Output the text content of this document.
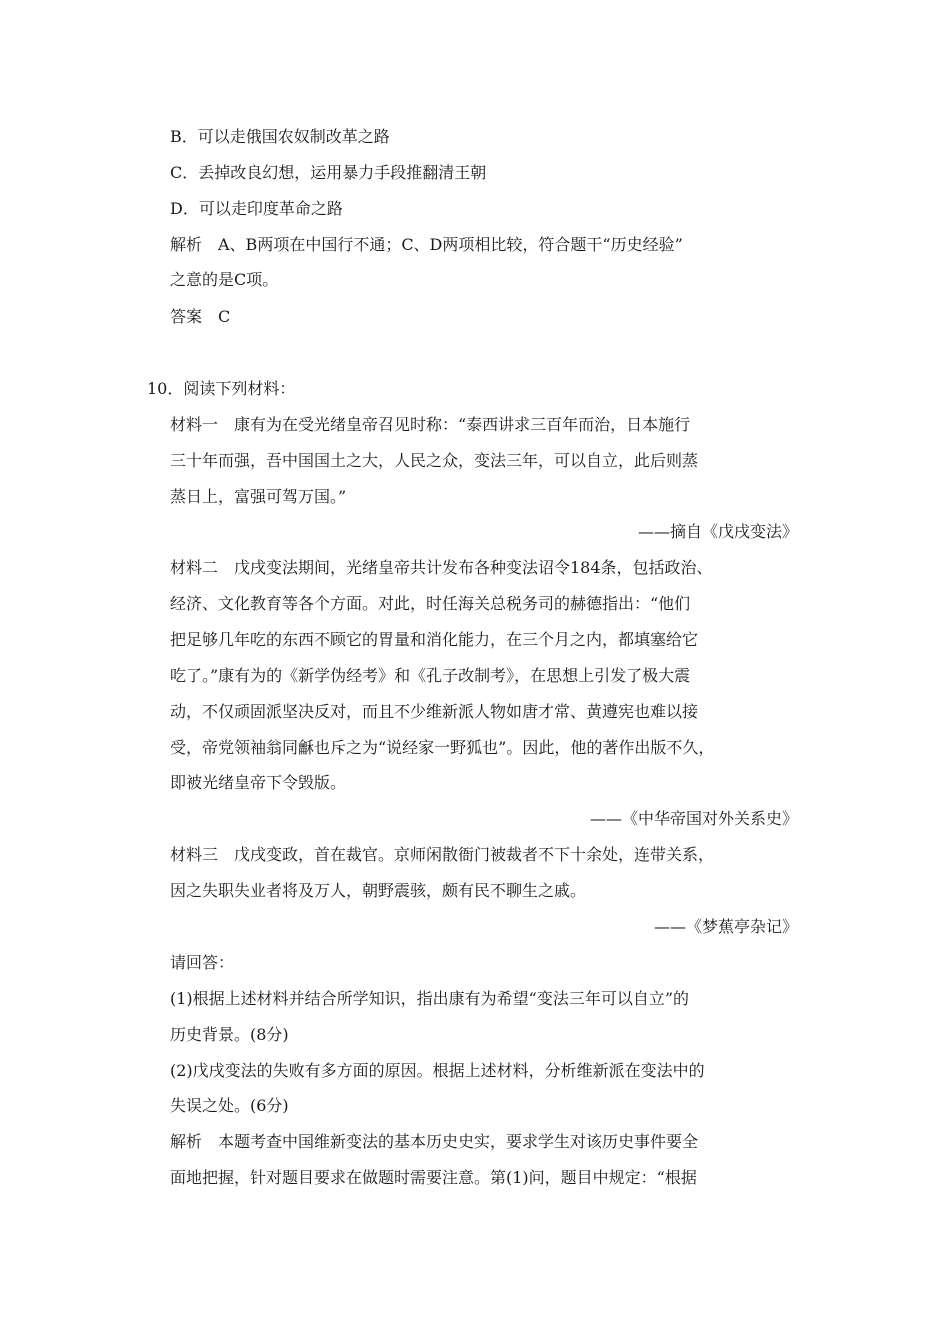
B．可以走俄国农奴制改革之路
C．丢掉改良幻想，运用暴力手段推翻清王朝
D．可以走印度革命之路
解析　A、B两项在中国行不通；C、D两项相比较，符合题干“历史经验”
之意的是C项。
答案　C
10．阅读下列材料：
材料一　康有为在受光绪皇帝召见时称：“泰西讲求三百年而治，日本施行
三十年而强，吾中国国土之大，人民之众，变法三年，可以自立，此后则蒸
蒸日上，富强可驾万国。”
——摘自《戊戌变法》
材料二　戊戌变法期间，光绪皇帝共计发布各种变法诏令184条，包括政治、
经济、文化教育等各个方面。对此，时任海关总税务司的赫德指出：“他们
把足够几年吃的东西不顾它的胃量和消化能力，在三个月之内，都填塞给它
吃了。”康有为的《新学伪经考》和《孔子改制考》，在思想上引发了极大震
动，不仅顽固派坚决反对，而且不少维新派人物如唐才常、黄遵宪也难以接
受，帝党领袖翁同龢也斥之为“说经家一野狐也”。因此，他的著作出版不久，
即被光绪皇帝下令毁版。
——《中华帝国对外关系史》
材料三　戊戌变政，首在裁官。京师闲散衙门被裁者不下十余处，连带关系，
因之失职失业者将及万人，朝野震骇，颇有民不聊生之戚。
——《梦蕉亭杂记》
请回答：
(1)根据上述材料并结合所学知识，指出康有为希望“变法三年可以自立”的
历史背景。(8分)
(2)戊戌变法的失败有多方面的原因。根据上述材料，分析维新派在变法中的
失误之处。(6分)
解析　本题考查中国维新变法的基本历史史实，要求学生对该历史事件要全
面地把握，针对题目要求在做题时需要注意。第(1)问，题目中规定：“根据
